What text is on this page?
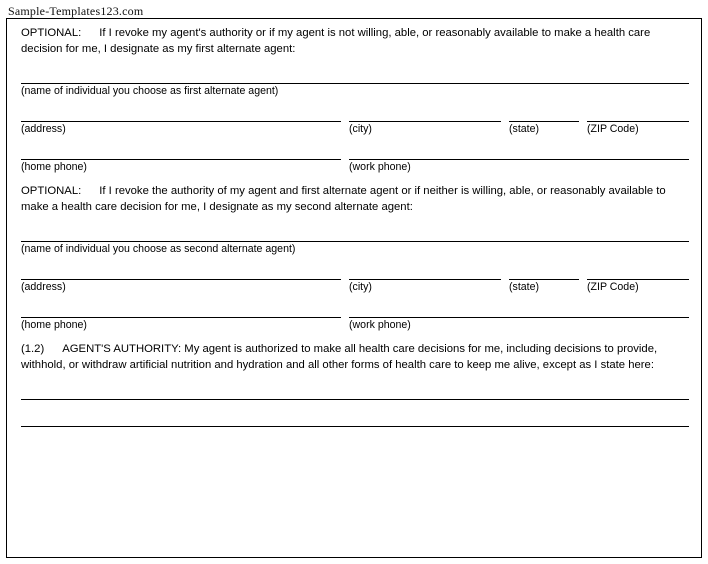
Sample-Templates123.com

OPTIONAL: If I revoke my agent's authority or if my agent is not willing, able, or reasonably available to make a health care decision for me, I designate as my first alternate agent:

(name of individual you choose as first alternate agent)
(address)	(city)	(state)	(ZIP Code)
(home phone)	(work phone)

OPTIONAL: If I revoke the authority of my agent and first alternate agent or if neither is willing, able, or reasonably available to make a health care decision for me, I designate as my second alternate agent:

(name of individual you choose as second alternate agent)
(address)	(city)	(state)	(ZIP Code)
(home phone)	(work phone)

(1.2) AGENT'S AUTHORITY: My agent is authorized to make all health care decisions for me, including decisions to provide, withhold, or withdraw artificial nutrition and hydration and all other forms of health care to keep me alive, except as I state here:
